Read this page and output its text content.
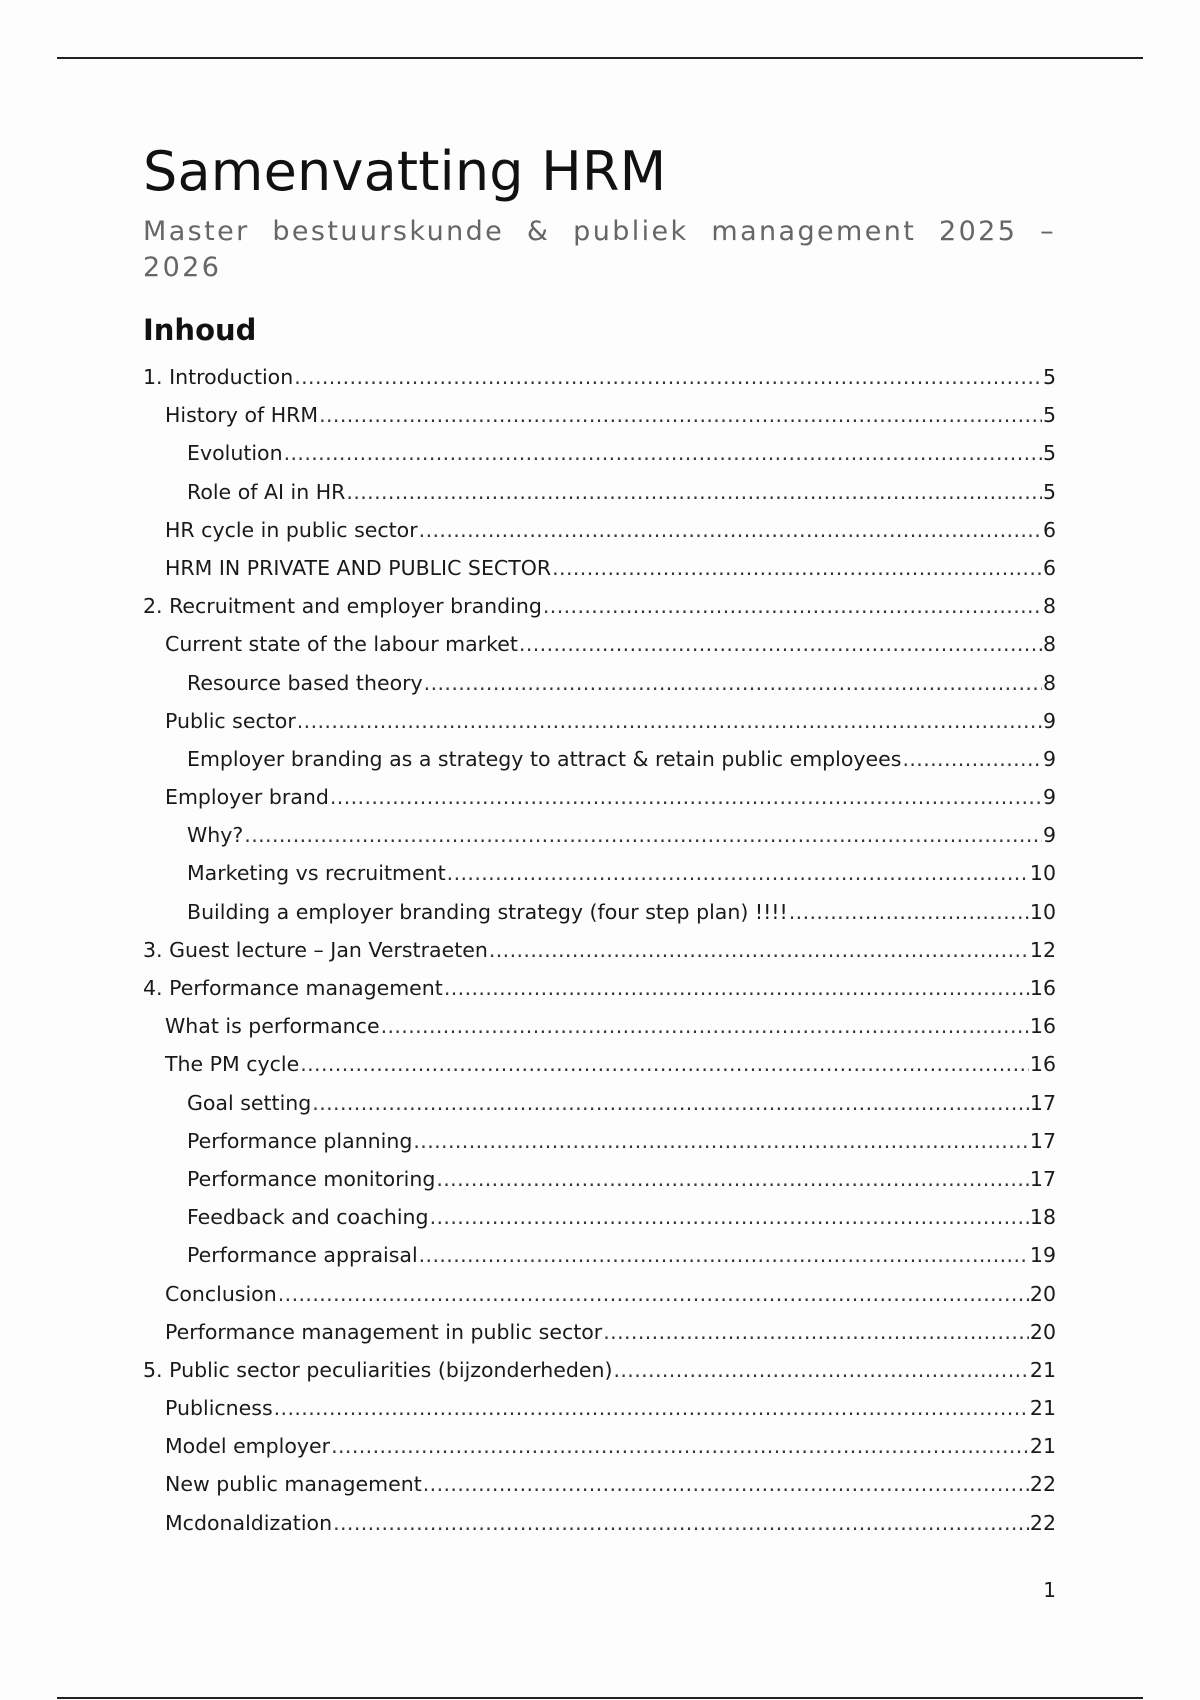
Samenvatting HRM

Master bestuurskunde & publiek management 2025 – 2026

Inhoud
1. Introduction .....	5
History of HRM .....	5
Evolution .....	5
Role of AI in HR .....	5
HR cycle in public sector .....	6
HRM IN PRIVATE AND PUBLIC SECTOR .....	6
2. Recruitment and employer branding .....	8
Current state of the labour market .....	8
Resource based theory .....	8
Public sector .....	9
Employer branding as a strategy to attract & retain public employees .....	9
Employer brand .....	9
Why? .....	9
Marketing vs recruitment .....	10
Building a employer branding strategy (four step plan) !!!! .....	10
3. Guest lecture – Jan Verstraeten .....	12
4. Performance management .....	16
What is performance .....	16
The PM cycle .....	16
Goal setting .....	17
Performance planning .....	17
Performance monitoring .....	17
Feedback and coaching .....	18
Performance appraisal .....	19
Conclusion .....	20
Performance management in public sector .....	20
5. Public sector peculiarities (bijzonderheden) .....	21
Publicness .....	21
Model employer .....	21
New public management .....	22
Mcdonaldization .....	22
1
